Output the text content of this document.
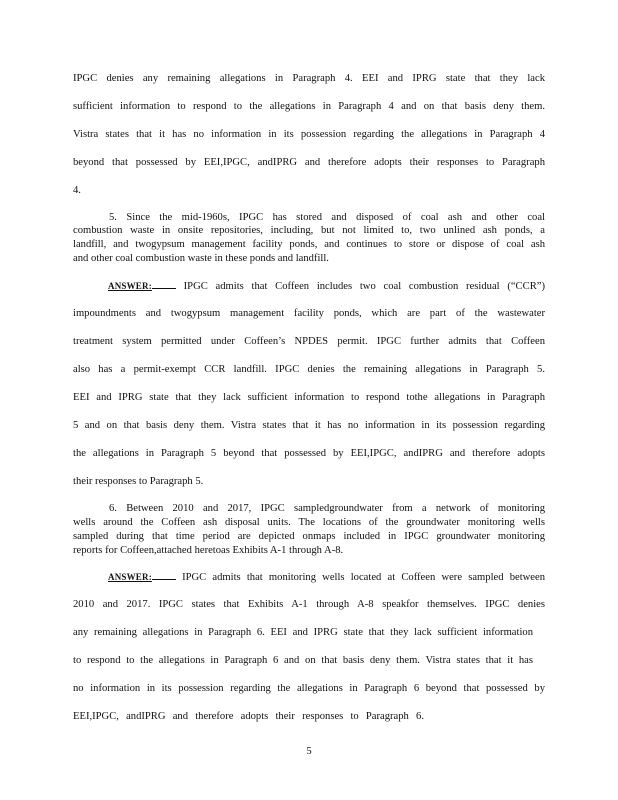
5
IPGC denies any remaining allegations in Paragraph 4. EEI and IPRG state that they lack
sufficient information to respond to the allegations in Paragraph 4 and on that basis deny them.
Vistra states that it has no information in its possession regarding the allegations in Paragraph 4
beyond that possessed by EEI,IPGC, andIPRG and therefore adopts their responses to Paragraph
4.
5. Since the mid-1960s, IPGC has stored and disposed of coal ash and other coal
combustion waste in onsite repositories, including, but not limited to, two unlined ash ponds, a
landfill, and twogypsum management facility ponds, and continues to store or dispose of coal ash
and other coal combustion waste in these ponds and landfill.
ANSWER:	IPGC admits that Coffeen includes two coal combustion residual (“CCR”)
impoundments and twogypsum management facility ponds, which are part of the wastewater
treatment system permitted under Coffeen’s NPDES permit. IPGC further admits that Coffeen
also has a permit-exempt CCR landfill. IPGC denies the remaining allegations in Paragraph 5.
EEI and IPRG state that they lack sufficient information to respond tothe allegations in Paragraph
5 and on that basis deny them. Vistra states that it has no information in its possession regarding
the allegations in Paragraph 5 beyond that possessed by EEI,IPGC, andIPRG and therefore adopts
their responses to Paragraph 5.
6. Between 2010 and 2017, IPGC sampledgroundwater from a network of monitoring
wells around the Coffeen ash disposal units. The locations of the groundwater monitoring wells
sampled during that time period are depicted onmaps included in IPGC groundwater monitoring
reports for Coffeen,attached heretoas Exhibits A-1 through A-8.
ANSWER:	IPGC admits that monitoring wells located at Coffeen were sampled between
2010 and 2017. IPGC states that Exhibits A-1 through A-8 speakfor themselves. IPGC denies
any remaining allegations in Paragraph 6. EEI and IPRG state that they lack sufficient information
to respond to the allegations in Paragraph 6 and on that basis deny them. Vistra states that it has
no information in its possession regarding the allegations in Paragraph 6 beyond that possessed by
EEI,IPGC, andIPRG and therefore adopts their responses to Paragraph 6.
